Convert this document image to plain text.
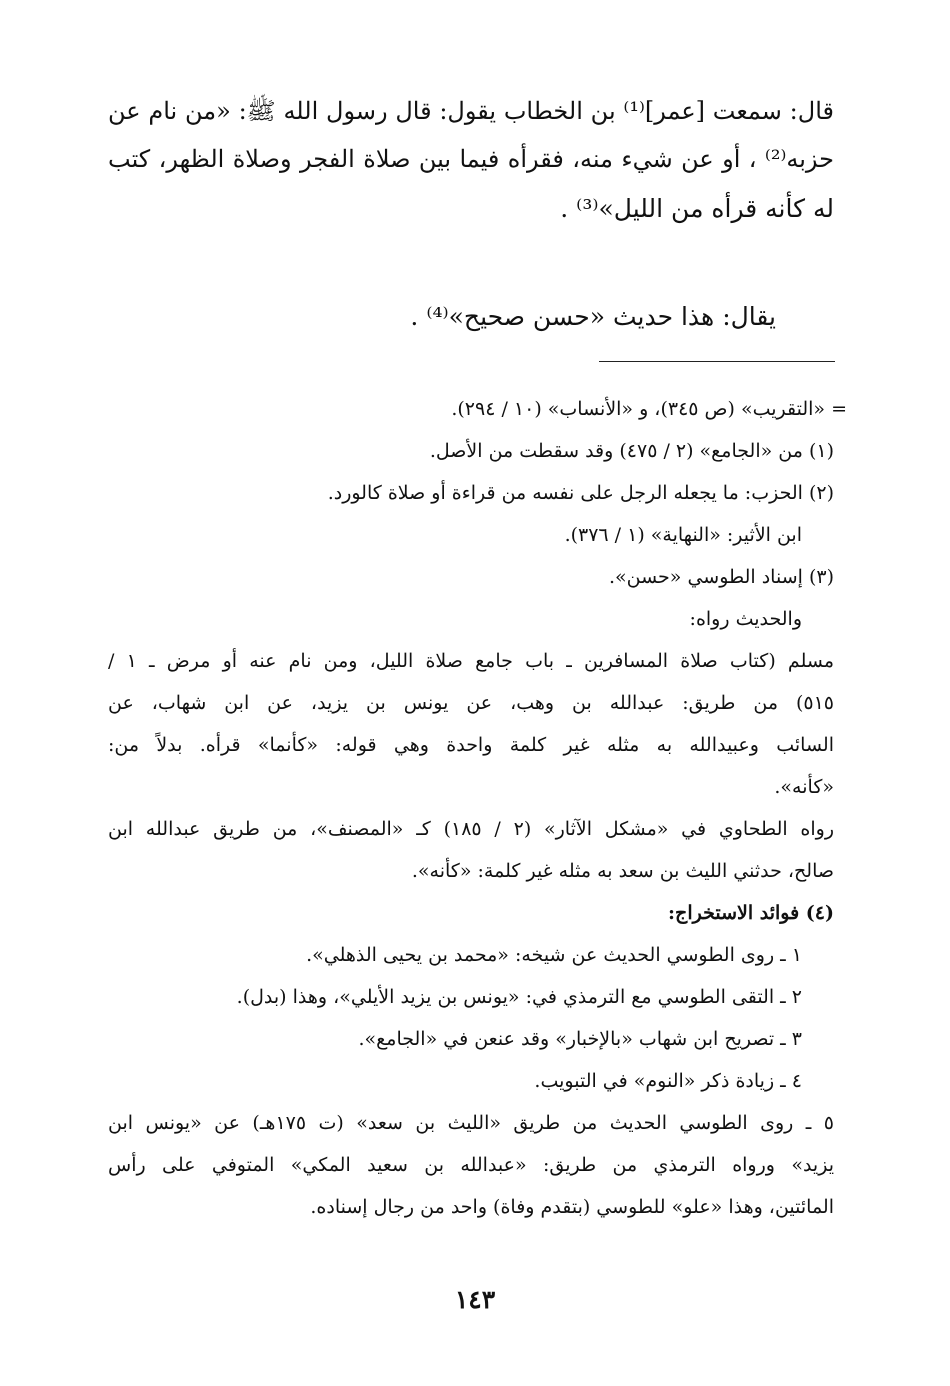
قال: سمعت [عمر]⁽¹⁾ بن الخطاب يقول: قال رسول الله ﷺ: «من نام عن
حزبه⁽²⁾ ، أو عن شيء منه، فقرأه فيما بين صلاة الفجر وصلاة الظهر، كتب
له كأنه قرأه من الليل»⁽³⁾ .
يقال: هذا حديث «حسن صحيح»⁽⁴⁾ .
= «التقريب» (ص ٣٤٥)، و «الأنساب» (١٠ / ٢٩٤).
(١) من «الجامع» (٢ / ٤٧٥) وقد سقطت من الأصل.
(٢) الحزب: ما يجعله الرجل على نفسه من قراءة أو صلاة كالورد.
ابن الأثير: «النهاية» (١ / ٣٧٦).
(٣) إسناد الطوسي «حسن».
والحديث رواه:
مسلم (كتاب صلاة المسافرين ـ باب جامع صلاة الليل، ومن نام عنه أو مرض ـ ١ /
٥١٥) من طريق: عبدالله بن وهب، عن يونس بن يزيد، عن ابن شهاب، عن
السائب وعبيدالله به مثله غير كلمة واحدة وهي قوله: «كأنما» قرأه. بدلاً من:
«كأنه».
رواه الطحاوي في «مشكل الآثار» (٢ / ١٨٥) كـ «المصنف»، من طريق عبدالله ابن
صالح، حدثني الليث بن سعد به مثله غير كلمة: «كأنه».
(٤) فوائد الاستخراج:
١ ـ روى الطوسي الحديث عن شيخه: «محمد بن يحيى الذهلي».
٢ ـ التقى الطوسي مع الترمذي في: «يونس بن يزيد الأيلي»، وهذا (بدل).
٣ ـ تصريح ابن شهاب «بالإخبار» وقد عنعن في «الجامع».
٤ ـ زيادة ذكر «النوم» في التبويب.
٥ ـ روى الطوسي الحديث من طريق «الليث بن سعد» (ت ١٧٥هـ) عن «يونس ابن
يزيد» ورواه الترمذي من طريق: «عبدالله بن سعيد المكي» المتوفي على رأس
المائتين، وهذا «علو» للطوسي (بتقدم وفاة) واحد من رجال إسناده.
١٤٣
